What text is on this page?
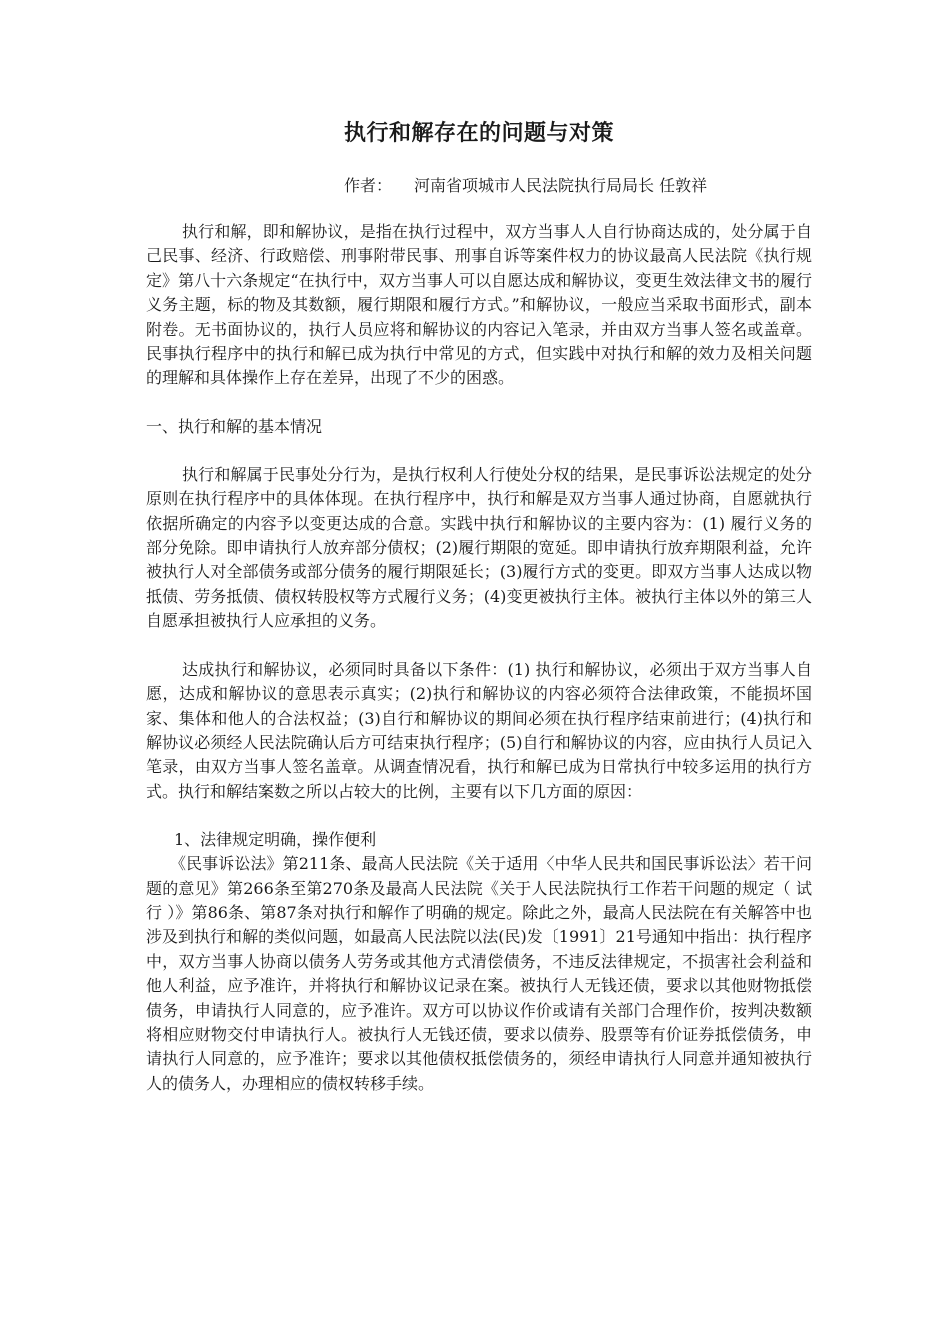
执行和解存在的问题与对策
作者： 河南省项城市人民法院执行局局长 任敦祥

执行和解，即和解协议，是指在执行过程中，双方当事人人自行协商达成的，处分属于自己民事、经济、行政赔偿、刑事附带民事、刑事自诉等案件权力的协议最高人民法院《执行规定》第八十六条规定“在执行中，双方当事人可以自愿达成和解协议，变更生效法律文书的履行义务主题，标的物及其数额，履行期限和履行方式。”和解协议，一般应当采取书面形式，副本附卷。无书面协议的，执行人员应将和解协议的内容记入笔录，并由双方当事人签名或盖章。民事执行程序中的执行和解已成为执行中常见的方式，但实践中对执行和解的效力及相关问题的理解和具体操作上存在差异，出现了不少的困惑。

一、执行和解的基本情况

执行和解属于民事处分行为，是执行权利人行使处分权的结果，是民事诉讼法规定的处分原则在执行程序中的具体体现。在执行程序中，执行和解是双方当事人通过协商，自愿就执行依据所确定的内容予以变更达成的合意。实践中执行和解协议的主要内容为：(1) 履行义务的部分免除。即申请执行人放弃部分债权；(2)履行期限的宽延。即申请执行放弃期限利益，允许被执行人对全部债务或部分债务的履行期限延长；(3)履行方式的变更。即双方当事人达成以物抵债、劳务抵债、债权转股权等方式履行义务；(4)变更被执行主体。被执行主体以外的第三人自愿承担被执行人应承担的义务。

达成执行和解协议，必须同时具备以下条件：(1) 执行和解协议，必须出于双方当事人自愿，达成和解协议的意思表示真实；(2)执行和解协议的内容必须符合法律政策，不能损坏国家、集体和他人的合法权益；(3)自行和解协议的期间必须在执行程序结束前进行；(4)执行和解协议必须经人民法院确认后方可结束执行程序；(5)自行和解协议的内容，应由执行人员记入笔录，由双方当事人签名盖章。从调查情况看，执行和解已成为日常执行中较多运用的执行方式。执行和解结案数之所以占较大的比例，主要有以下几方面的原因：

1、法律规定明确，操作便利

《民事诉讼法》第211条、最高人民法院《关于适用〈中华人民共和国民事诉讼法〉若干问题的意见》第266条至第270条及最高人民法院《关于人民法院执行工作若干问题的规定（ 试行 ）》第86条、第87条对执行和解作了明确的规定。除此之外，最高人民法院在有关解答中也涉及到执行和解的类似问题，如最高人民法院以法(民)发〔1991〕21号通知中指出：执行程序中，双方当事人协商以债务人劳务或其他方式清偿债务，不违反法律规定，不损害社会利益和他人利益，应予准许，并将执行和解协议记录在案。被执行人无钱还债，要求以其他财物抵偿债务，申请执行人同意的，应予准许。双方可以协议作价或请有关部门合理作价，按判决数额将相应财物交付申请执行人。被执行人无钱还债，要求以债券、股票等有价证券抵偿债务，申请执行人同意的，应予准许；要求以其他债权抵偿债务的，须经申请执行人同意并通知被执行人的债务人，办理相应的债权转移手续。
